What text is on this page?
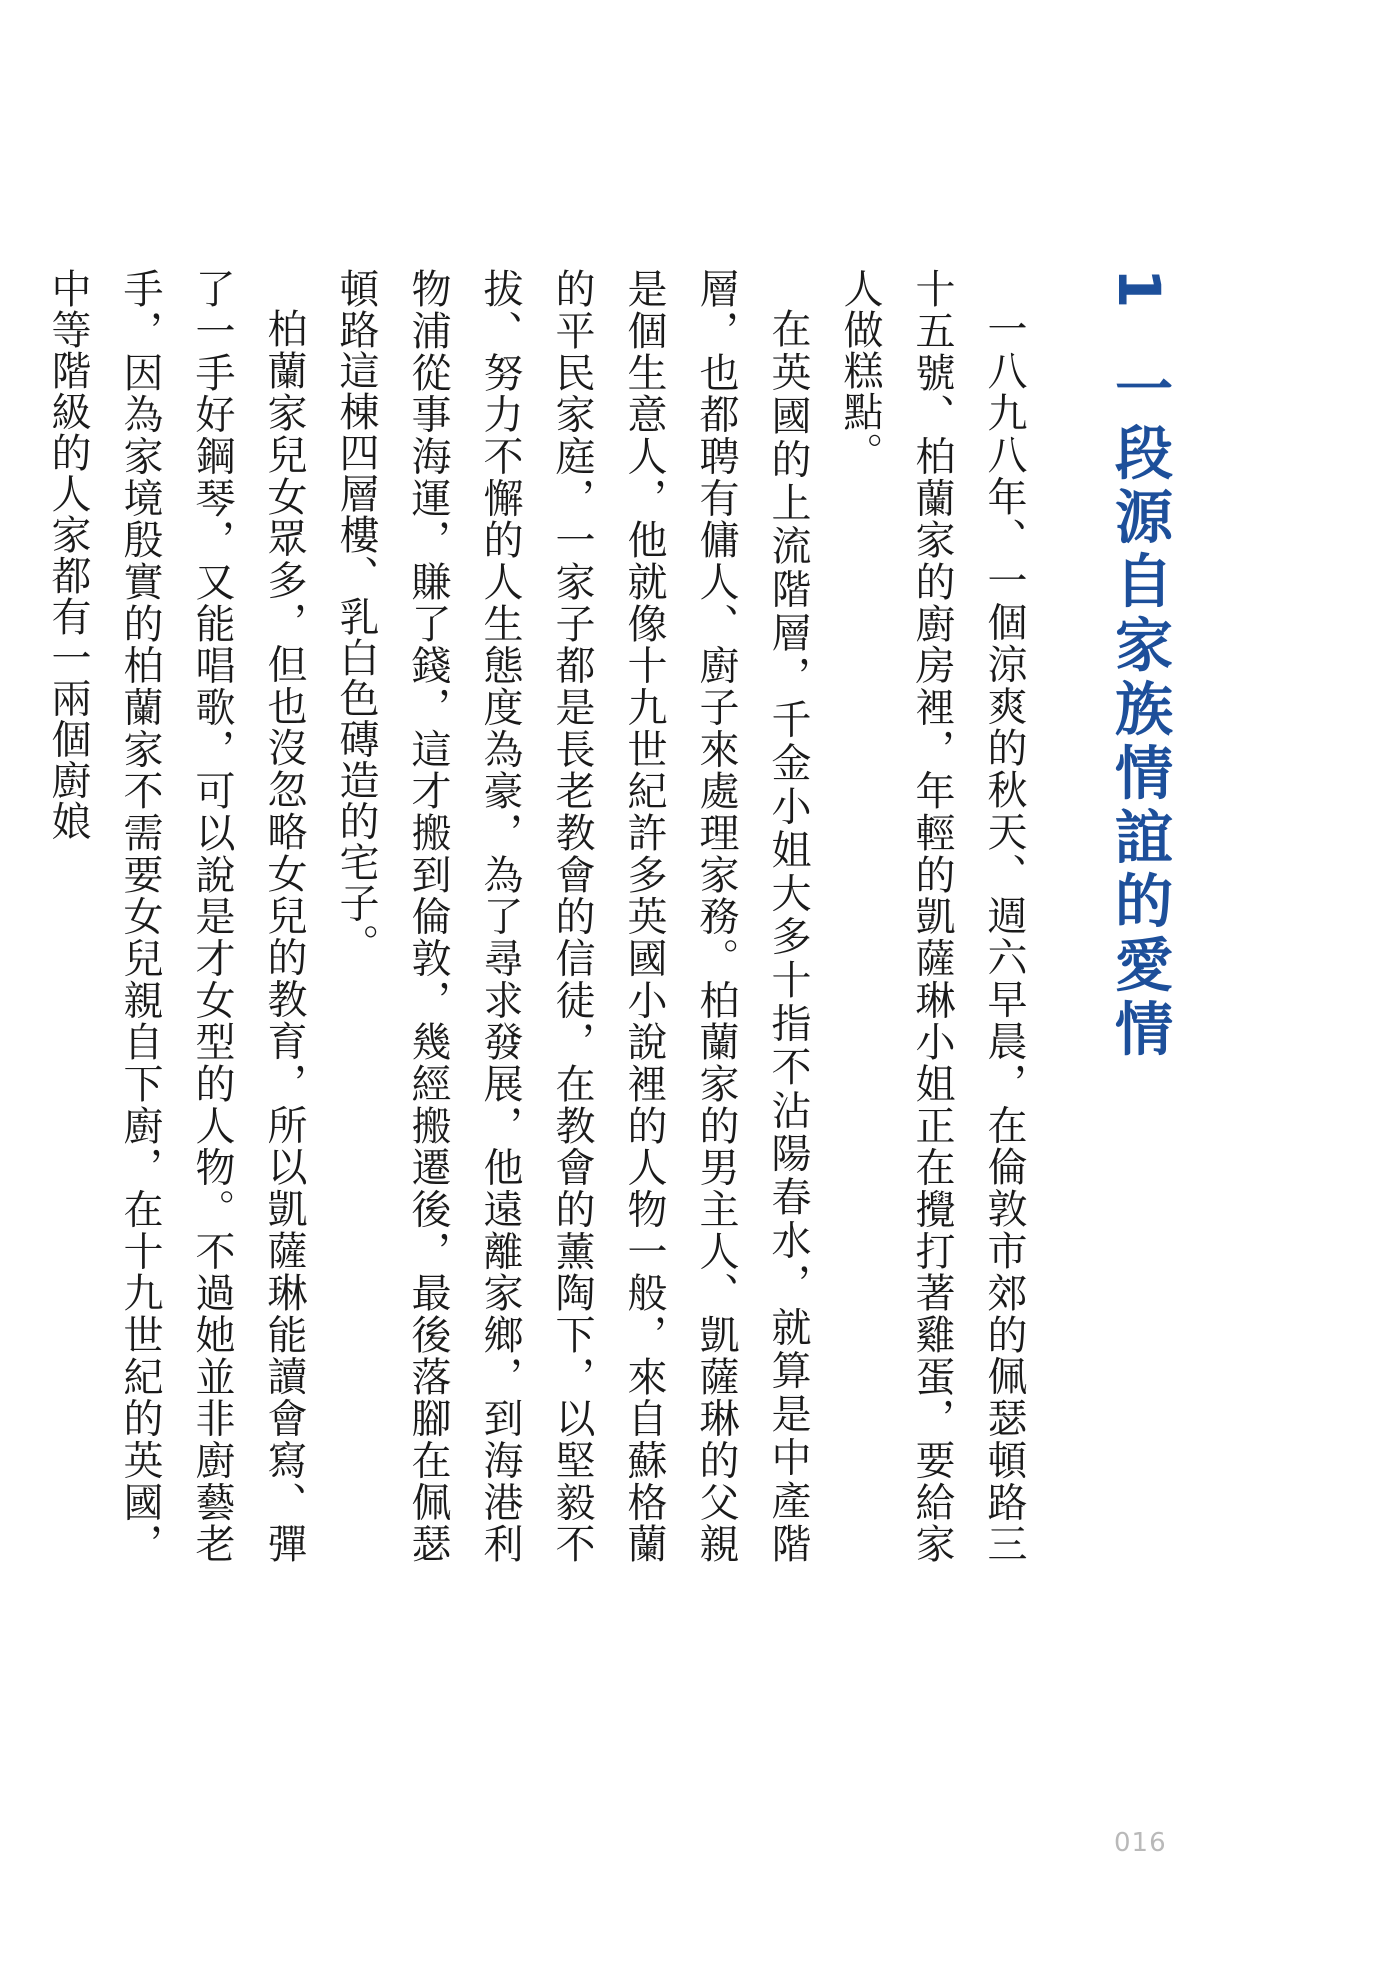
1一段源自家族情誼的愛情

一八九八年、一個涼爽的秋天、週六早晨，在倫敦市郊的佩瑟頓路三十五號、柏蘭家的廚房裡，年輕的凱薩琳小姐正在攪打著雞蛋，要給家人做糕點。

在英國的上流階層，千金小姐大多十指不沾陽春水，就算是中產階層，也都聘有傭人、廚子來處理家務。柏蘭家的男主人、凱薩琳的父親是個生意人，他就像十九世紀許多英國小說裡的人物一般，來自蘇格蘭的平民家庭，一家子都是長老教會的信徒，在教會的薰陶下，以堅毅不拔、努力不懈的人生態度為豪，為了尋求發展，他遠離家鄉，到海港利物浦從事海運，賺了錢，這才搬到倫敦，幾經搬遷後，最後落腳在佩瑟頓路這棟四層樓、乳白色磚造的宅子。

柏蘭家兒女眾多，但也沒忽略女兒的教育，所以凱薩琳能讀會寫、彈了一手好鋼琴，又能唱歌，可以說是才女型的人物。不過她並非廚藝老手，因為家境殷實的柏蘭家不需要女兒親自下廚，在十九世紀的英國，中等階級的人家都有一兩個廚娘

016
